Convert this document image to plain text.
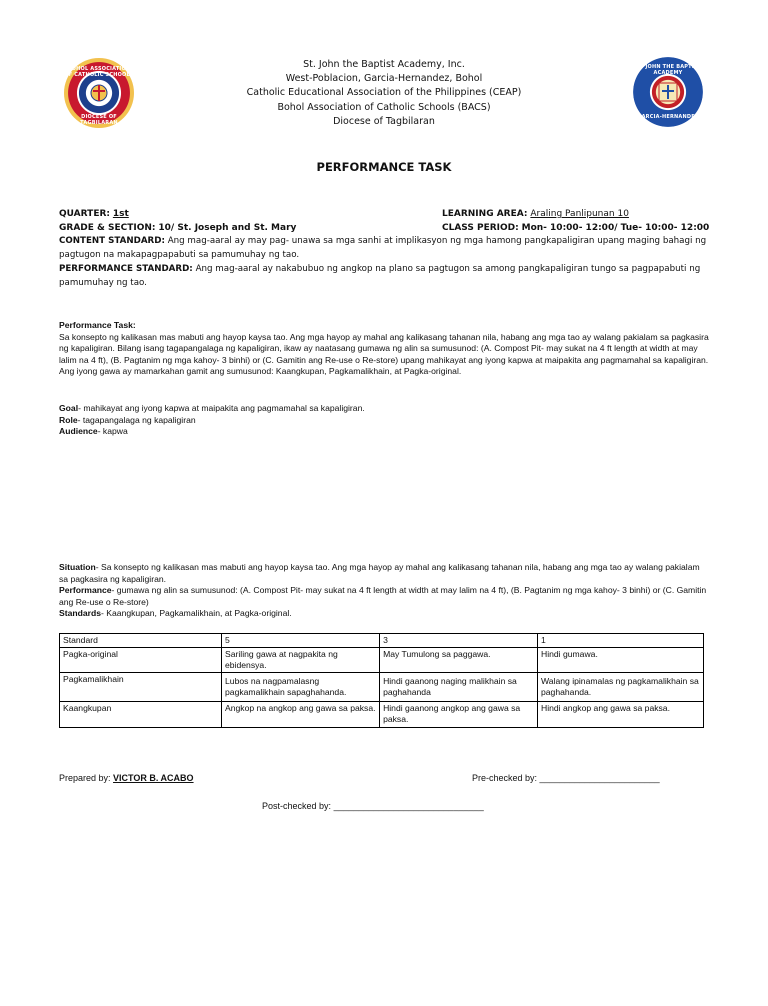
BOHOL ASSOCIATION OF CATHOLIC SCHOOLS
DIOCESE OF TAGBILARAN
ST. JOHN THE BAPTIST ACADEMY
GARCIA-HERNANDEZ
St. John the Baptist Academy, Inc.
West-Poblacion, Garcia-Hernandez, Bohol
Catholic Educational Association of the Philippines (CEAP)
Bohol Association of Catholic Schools (BACS)
Diocese of Tagbilaran
PERFORMANCE TASK
QUARTER: 1st	LEARNING AREA: Araling Panlipunan 10
GRADE & SECTION: 10/ St. Joseph and St. Mary	CLASS PERIOD: Mon- 10:00- 12:00/ Tue- 10:00- 12:00
CONTENT STANDARD: Ang mag-aaral ay may pag- unawa sa mga sanhi at implikasyon ng mga hamong pangkapaligiran upang maging bahagi ng pagtugon na makapagpapabuti sa pamumuhay ng tao.
PERFORMANCE STANDARD: Ang mag-aaral ay nakabubuo ng angkop na plano sa pagtugon sa among pangkapaligiran tungo sa pagpapabuti ng pamumuhay ng tao.
Performance Task:
Sa konsepto ng kalikasan mas mabuti ang hayop kaysa tao. Ang mga hayop ay mahal ang kalikasang tahanan nila, habang ang mga tao ay walang pakialam sa pagkasira ng kapaligiran. Bilang isang tagapangalaga ng kapaligiran, ikaw ay naatasang gumawa ng alin sa sumusunod: (A. Compost Pit- may sukat na 4 ft length at width at may lalim na 4 ft), (B. Pagtanim ng mga kahoy- 3 binhi) or (C. Gamitin ang Re-use o Re-store) upang mahikayat ang iyong kapwa at maipakita ang pagmamahal sa kapaligiran. Ang iyong gawa ay mamarkahan gamit ang sumusunod: Kaangkupan, Pagkamalikhain, at Pagka-original.
Goal- mahikayat ang iyong kapwa at maipakita ang pagmamahal sa kapaligiran.
Role- tagapangalaga ng kapaligiran
Audience- kapwa
Situation- Sa konsepto ng kalikasan mas mabuti ang hayop kaysa tao. Ang mga hayop ay mahal ang kalikasang tahanan nila, habang ang mga tao ay walang pakialam sa pagkasira ng kapaligiran.
Performance- gumawa ng alin sa sumusunod: (A. Compost Pit- may sukat na 4 ft length at width at may lalim na 4 ft), (B. Pagtanim ng mga kahoy- 3 binhi) or (C. Gamitin ang Re-use o Re-store)
Standards- Kaangkupan, Pagkamalikhain, at Pagka-original.
Standard	5	3	1
Pagka-original	Sariling gawa at nagpakita ng ebidensya.	May Tumulong sa paggawa.	Hindi gumawa.
Pagkamalikhain	Lubos na nagpamalasng pagkamalikhain sapaghahanda.	Hindi gaanong naging malikhain sa paghahanda	Walang ipinamalas ng pagkamalikhain sa paghahanda.
Kaangkupan	Angkop na angkop ang gawa sa paksa.	Hindi gaanong angkop ang gawa sa paksa.	Hindi angkop ang gawa sa paksa.
Prepared by: VICTOR B. ACABO	Pre-checked by: ________________________
Post-checked by: ______________________________
